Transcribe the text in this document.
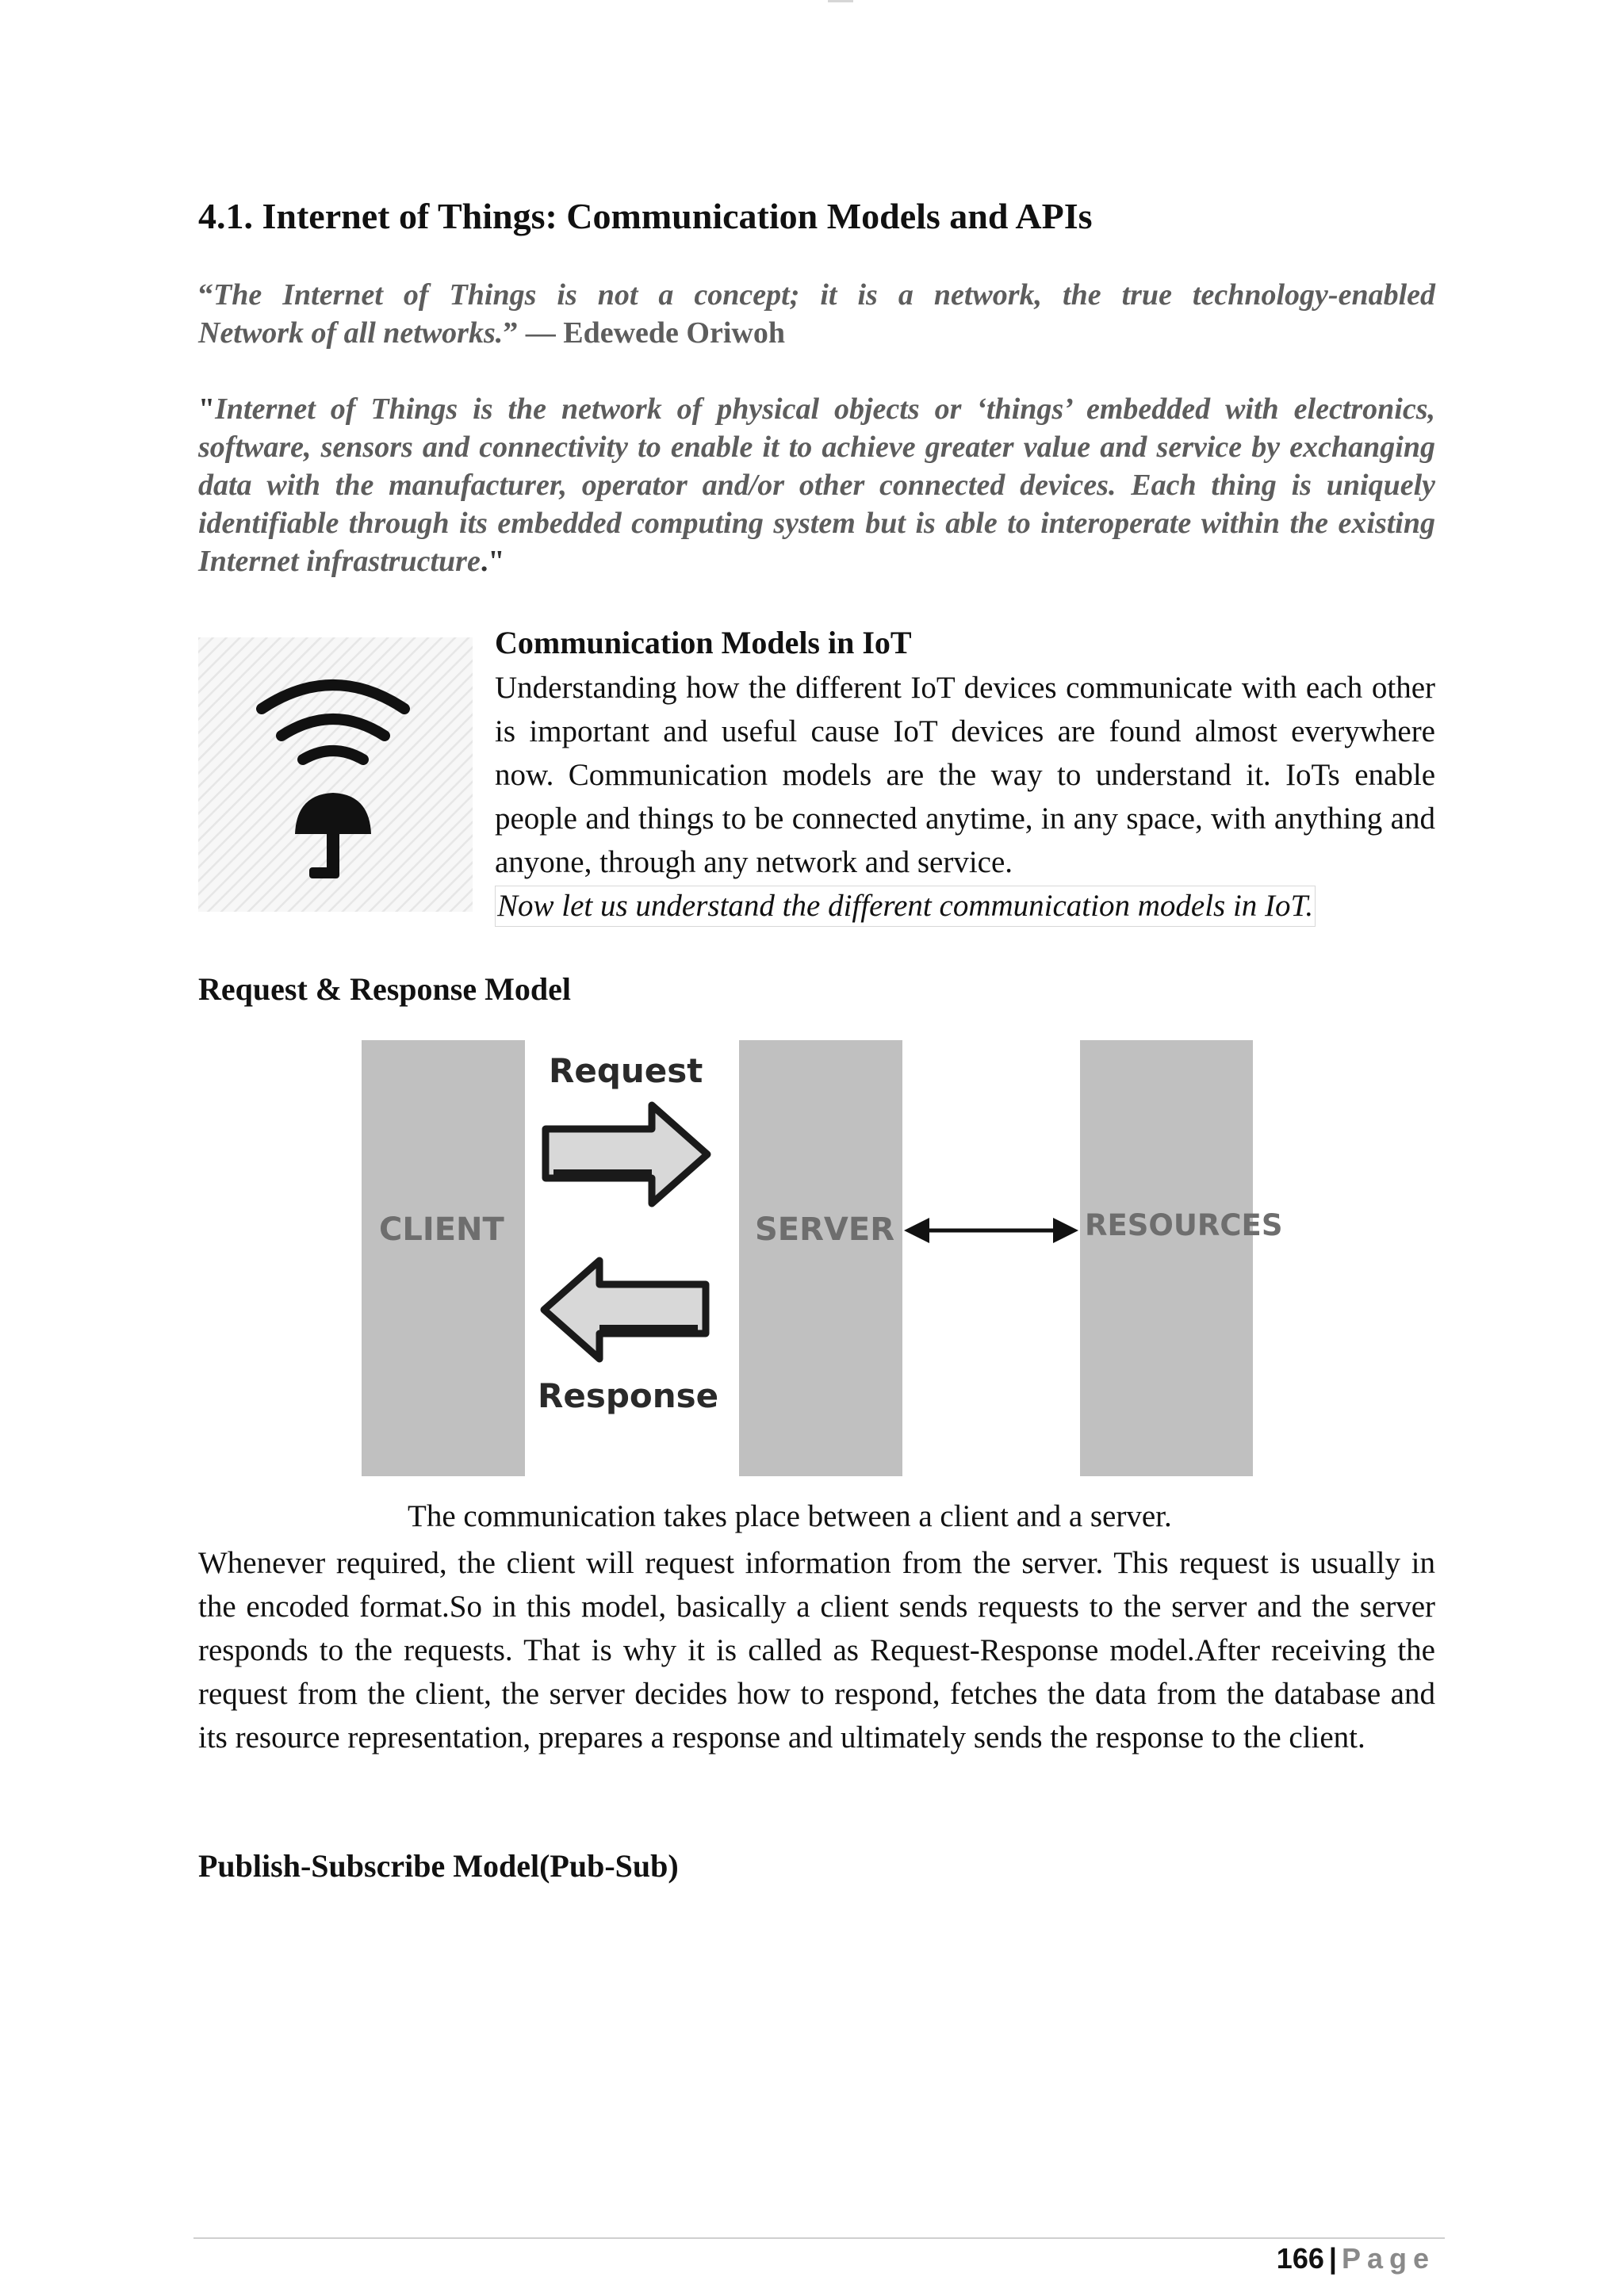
4.1. Internet of Things: Communication Models and APIs
“The Internet of Things is not a concept; it is a network, the true technology-enabled
Network of all networks.” — Edewede Oriwoh

"Internet of Things is the network of physical objects or ‘things’ embedded with electronics, software, sensors and connectivity to enable it to achieve greater value and service by exchanging data with the manufacturer, operator and/or other connected devices. Each thing is uniquely identifiable through its embedded computing system but is able to interoperate within the existing Internet infrastructure."

Communication Models in IoT

Understanding how the different IoT devices communicate with each other is important and useful cause IoT devices are found almost everywhere now. Communication models are the way to understand it. IoTs enable people and things to be connected anytime, in any space, with anything and anyone, through any network and service.

Now let us understand the different communication models in IoT.
Request & Response Model
CLIENT	SERVER	RESOURCES
Request
Response

The communication takes place between a client and a server.

Whenever required, the client will request information from the server. This request is usually in the encoded format.So in this model, basically a client sends requests to the server and the server responds to the requests. That is why it is called as Request-Response model.After receiving the request from the client, the server decides how to respond, fetches the data from the database and its resource representation, prepares a response and ultimately sends the response to the client.

Publish-Subscribe Model(Pub-Sub)
166 | Page
